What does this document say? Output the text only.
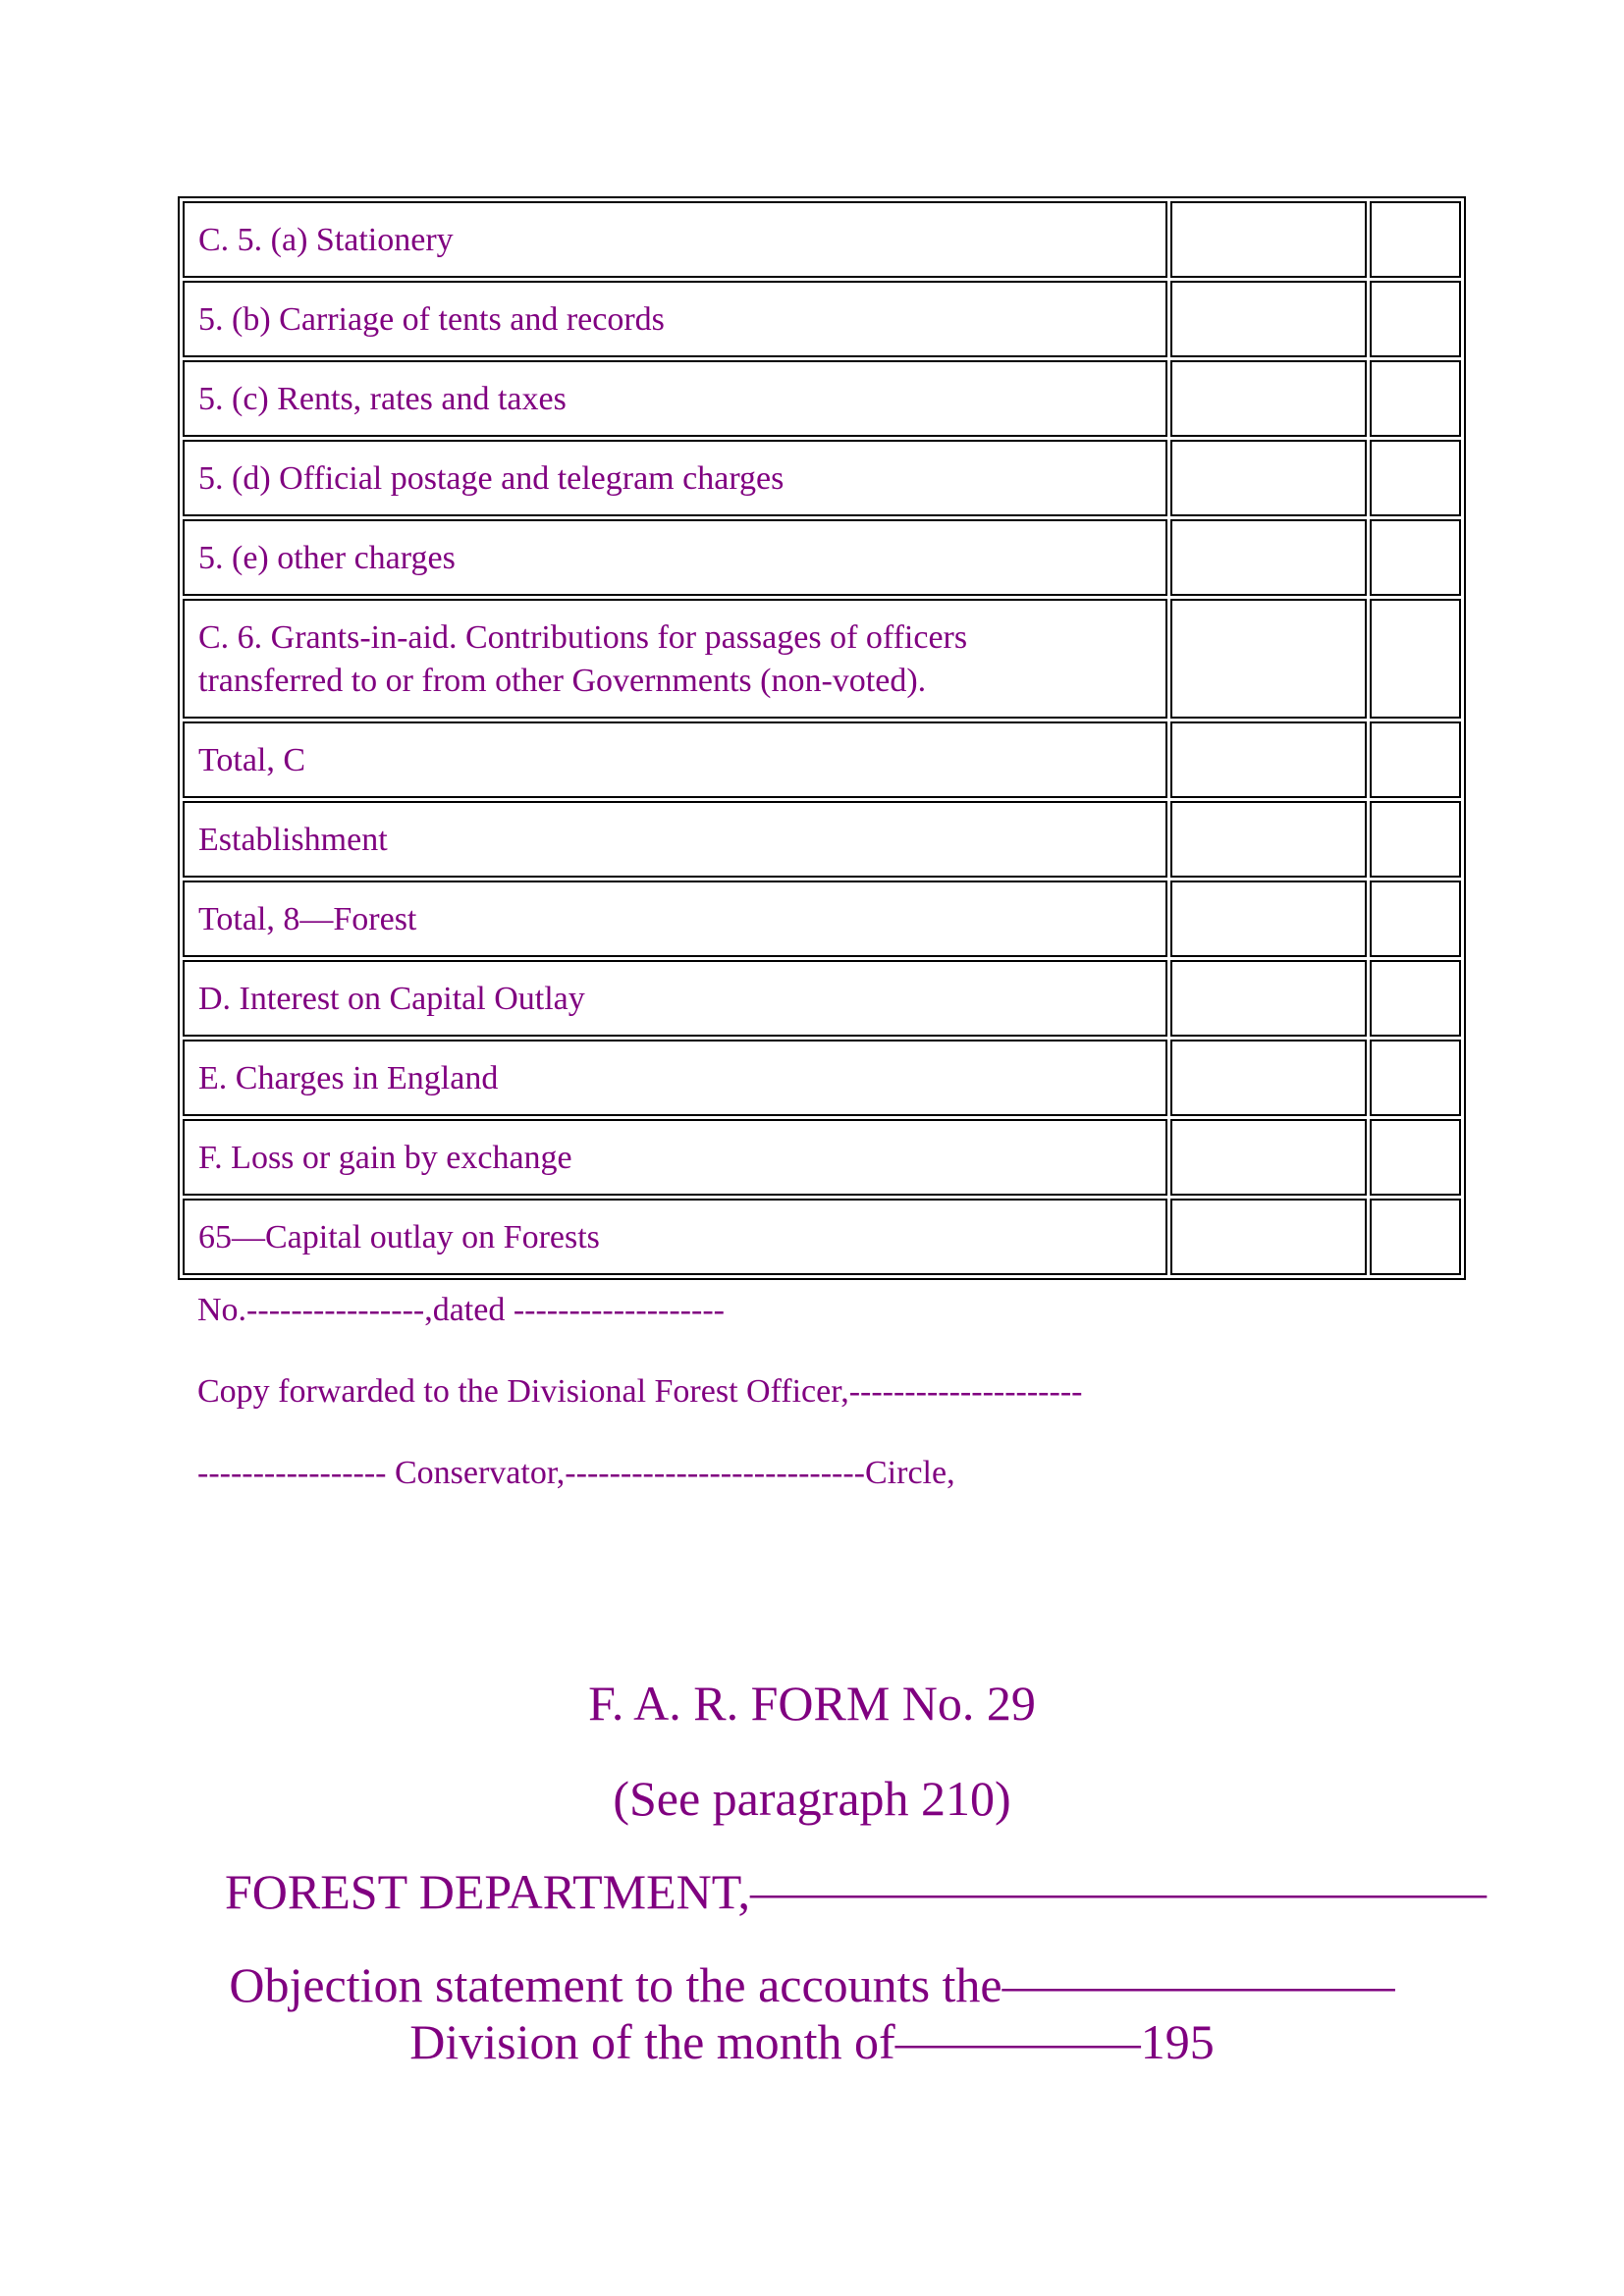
C. 5. (a) Stationery		
5. (b) Carriage of tents and records		
5. (c) Rents, rates and taxes		
5. (d) Official postage and telegram charges		
5. (e) other charges		
C. 6. Grants-in-aid. Contributions for passages of officers
transferred to or from other Governments (non-voted).		
Total, C		
Establishment		
Total, 8—Forest		
D. Interest on Capital Outlay		
E. Charges in England		
F. Loss or gain by exchange		
65—Capital outlay on Forests		
No.----------------,dated -------------------
Copy forwarded to the Divisional Forest Officer,---------------------
----------------- Conservator,---------------------------Circle,
F. A. R. FORM No. 29
(See paragraph 210)
FOREST DEPARTMENT,———————————————
Objection statement to the accounts the————————
Division of the month of—————195
